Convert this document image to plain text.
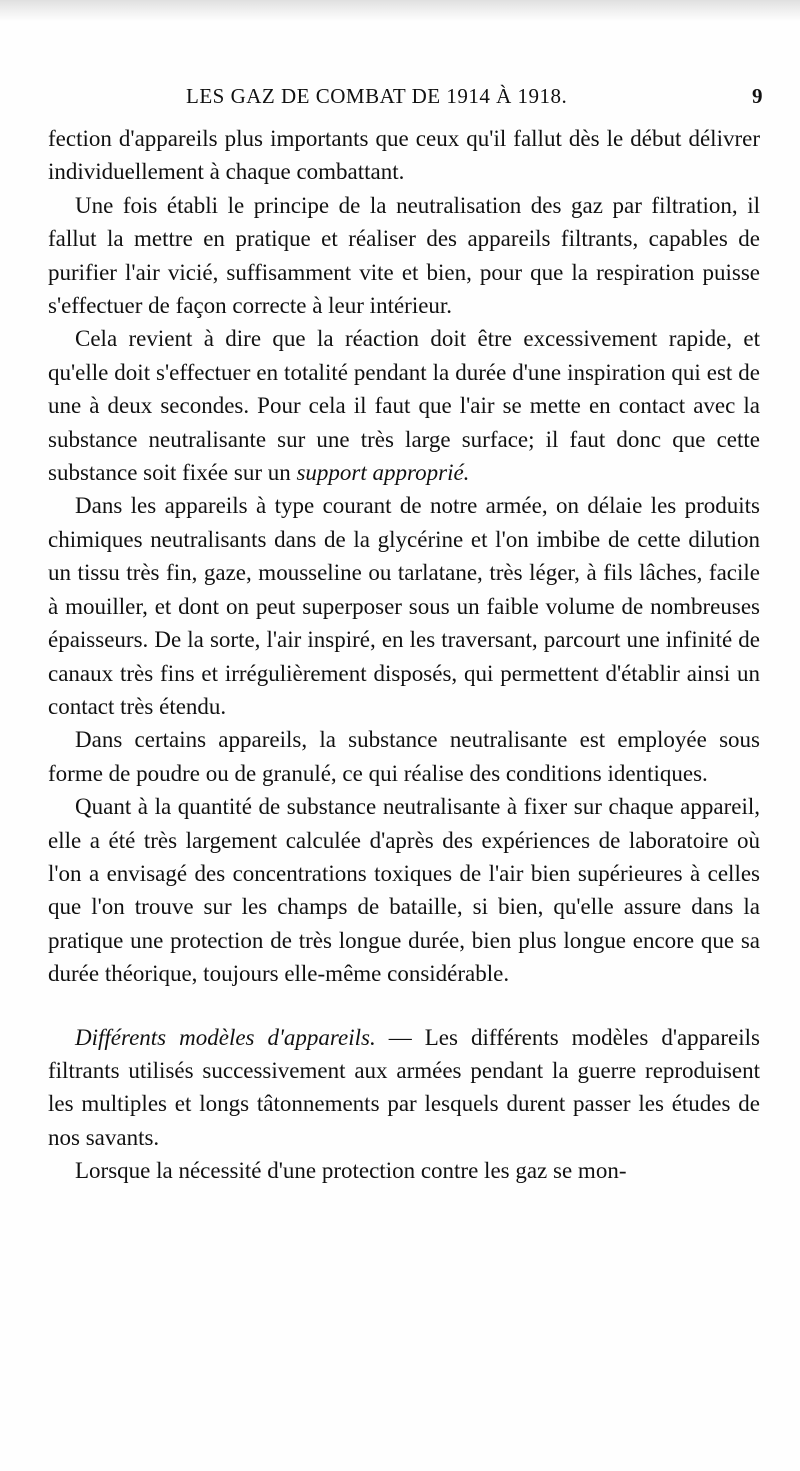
LES GAZ DE COMBAT DE 1914 À 1918.	9

fection d'appareils plus importants que ceux qu'il fallut dès le début délivrer individuellement à chaque combattant.

Une fois établi le principe de la neutralisation des gaz par filtration, il fallut la mettre en pratique et réaliser des appareils filtrants, capables de purifier l'air vicié, suffisamment vite et bien, pour que la respiration puisse s'effectuer de façon correcte à leur intérieur.

Cela revient à dire que la réaction doit être excessivement rapide, et qu'elle doit s'effectuer en totalité pendant la durée d'une inspiration qui est de une à deux secondes. Pour cela il faut que l'air se mette en contact avec la substance neutralisante sur une très large surface; il faut donc que cette substance soit fixée sur un support approprié.

Dans les appareils à type courant de notre armée, on délaie les produits chimiques neutralisants dans de la glycérine et l'on imbibe de cette dilution un tissu très fin, gaze, mousseline ou tarlatane, très léger, à fils lâches, facile à mouiller, et dont on peut superposer sous un faible volume de nombreuses épaisseurs. De la sorte, l'air inspiré, en les traversant, parcourt une infinité de canaux très fins et irrégulièrement disposés, qui permettent d'établir ainsi un contact très étendu.

Dans certains appareils, la substance neutralisante est employée sous forme de poudre ou de granulé, ce qui réalise des conditions identiques.

Quant à la quantité de substance neutralisante à fixer sur chaque appareil, elle a été très largement calculée d'après des expériences de laboratoire où l'on a envisagé des concentrations toxiques de l'air bien supérieures à celles que l'on trouve sur les champs de bataille, si bien, qu'elle assure dans la pratique une protection de très longue durée, bien plus longue encore que sa durée théorique, toujours elle-même considérable.

Différents modèles d'appareils. — Les différents modèles d'appareils filtrants utilisés successivement aux armées pendant la guerre reproduisent les multiples et longs tâtonnements par lesquels durent passer les études de nos savants.

Lorsque la nécessité d'une protection contre les gaz se mon-
